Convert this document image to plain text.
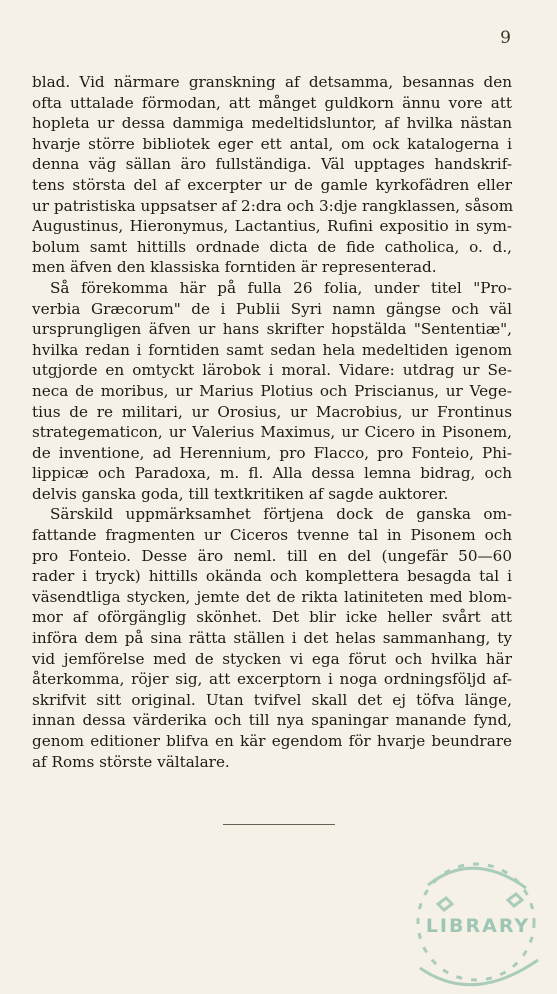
9
blad. Vid närmare granskning af detsamma, besannas den
ofta uttalade förmodan, att månget guldkorn ännu vore att
hopleta ur dessa dammiga medeltidsluntor, af hvilka nästan
hvarje större bibliotek eger ett antal, om ock katalogerna i
denna väg sällan äro fullständiga. Väl upptages handskrif-
tens största del af excerpter ur de gamle kyrkofädren eller
ur patristiska uppsatser af 2:dra och 3:dje rangklassen, såsom
Augustinus, Hieronymus, Lactantius, Rufini expositio in sym-
bolum samt hittills ordnade dicta de fide catholica, o. d.,
men äfven den klassiska forntiden är representerad.
Så förekomma här på fulla 26 folia, under titel "Pro-
verbia Græcorum" de i Publii Syri namn gängse och väl
ursprungligen äfven ur hans skrifter hopstälda "Sententiæ",
hvilka redan i forntiden samt sedan hela medeltiden igenom
utgjorde en omtyckt lärobok i moral. Vidare: utdrag ur Se-
neca de moribus, ur Marius Plotius och Priscianus, ur Vege-
tius de re militari, ur Orosius, ur Macrobius, ur Frontinus
strategematicon, ur Valerius Maximus, ur Cicero in Pisonem,
de inventione, ad Herennium, pro Flacco, pro Fonteio, Phi-
lippicæ och Paradoxa, m. fl. Alla dessa lemna bidrag, och
delvis ganska goda, till textkritiken af sagde auktorer.
Särskild uppmärksamhet förtjena dock de ganska om-
fattande fragmenten ur Ciceros tvenne tal in Pisonem och
pro Fonteio. Desse äro neml. till en del (ungefär 50—60
rader i tryck) hittills okända och komplettera besagda tal i
väsendtliga stycken, jemte det de rikta latiniteten med blom-
mor af oförgänglig skönhet. Det blir icke heller svårt att
införa dem på sina rätta ställen i det helas sammanhang, ty
vid jemförelse med de stycken vi ega förut och hvilka här
återkomma, röjer sig, att excerptorn i noga ordningsföljd af-
skrifvit sitt original. Utan tvifvel skall det ej töfva länge,
innan dessa värderika och till nya spaningar manande fynd,
genom editioner blifva en kär egendom för hvarje beundrare
af Roms störste vältalare.
LIBRARY
